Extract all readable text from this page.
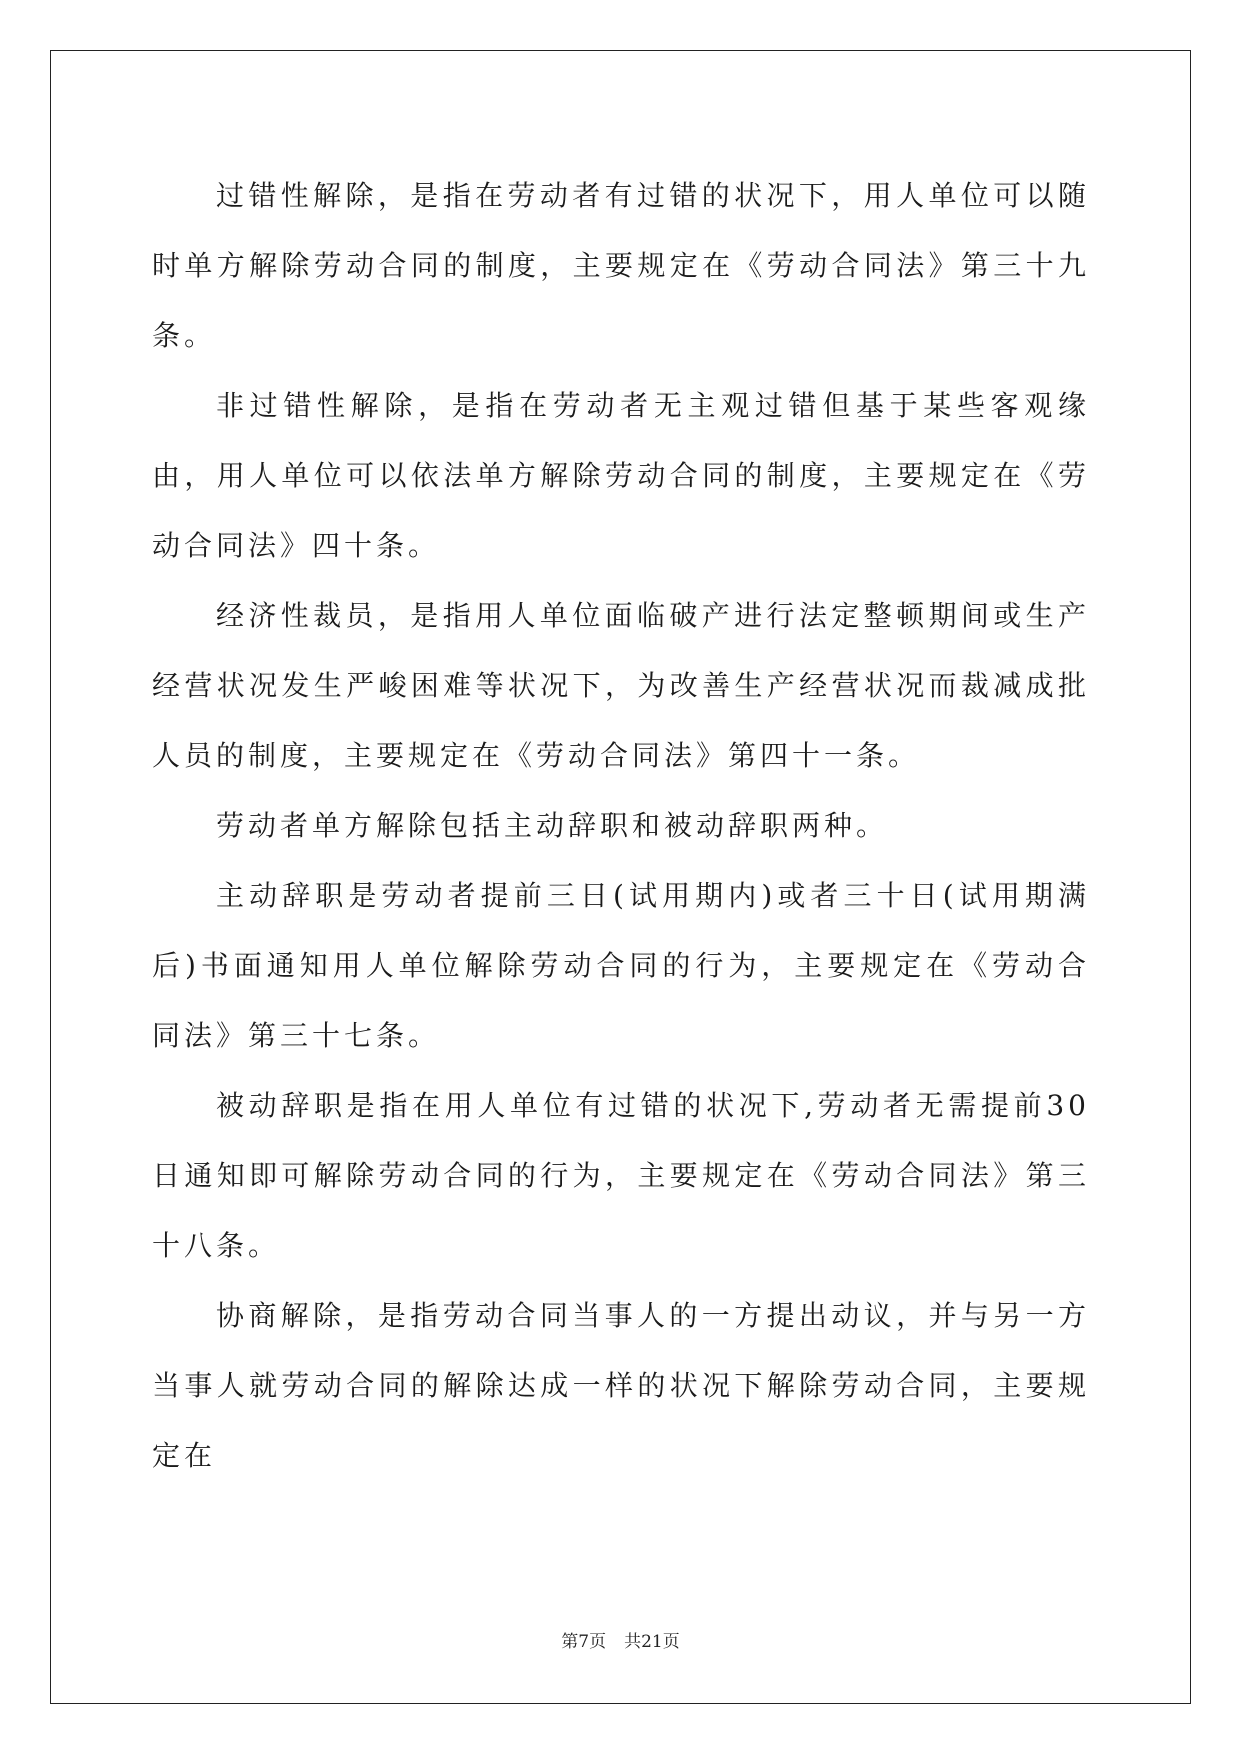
过错性解除，是指在劳动者有过错的状况下，用人单位可以随时单方解除劳动合同的制度，主要规定在《劳动合同法》第三十九条。

非过错性解除，是指在劳动者无主观过错但基于某些客观缘由，用人单位可以依法单方解除劳动合同的制度，主要规定在《劳动合同法》四十条。

经济性裁员，是指用人单位面临破产进行法定整顿期间或生产经营状况发生严峻困难等状况下，为改善生产经营状况而裁减成批人员的制度，主要规定在《劳动合同法》第四十一条。

劳动者单方解除包括主动辞职和被动辞职两种。

主动辞职是劳动者提前三日(试用期内)或者三十日(试用期满后)书面通知用人单位解除劳动合同的行为，主要规定在《劳动合同法》第三十七条。

被动辞职是指在用人单位有过错的状况下,劳动者无需提前30日通知即可解除劳动合同的行为，主要规定在《劳动合同法》第三十八条。

协商解除，是指劳动合同当事人的一方提出动议，并与另一方当事人就劳动合同的解除达成一样的状况下解除劳动合同，主要规定在

第7页 共21页
